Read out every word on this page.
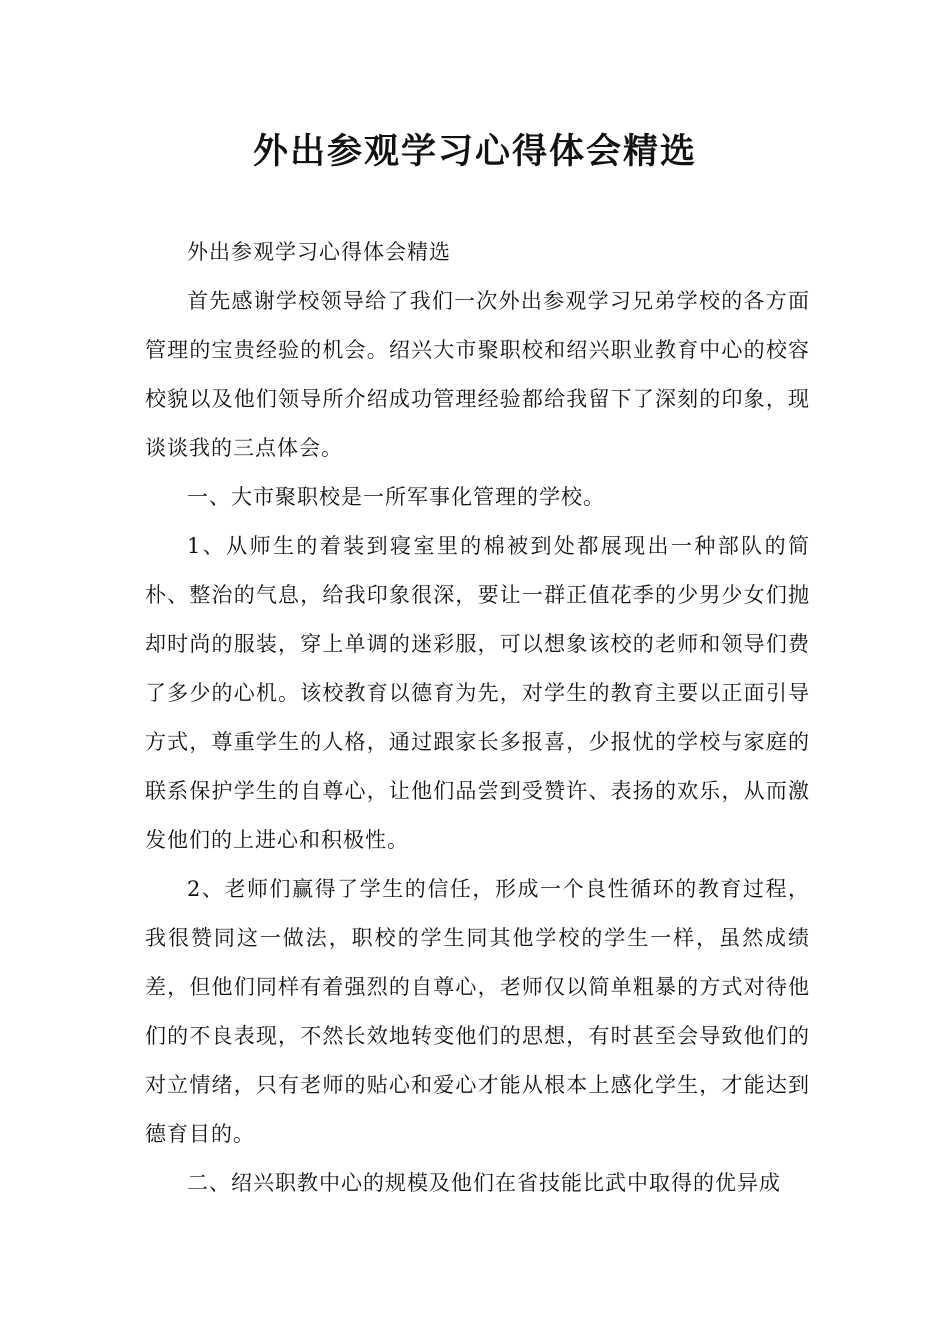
外出参观学习心得体会精选

外出参观学习心得体会精选

首先感谢学校领导给了我们一次外出参观学习兄弟学校的各方面管理的宝贵经验的机会。绍兴大市聚职校和绍兴职业教育中心的校容校貌以及他们领导所介绍成功管理经验都给我留下了深刻的印象，现谈谈我的三点体会。

一、大市聚职校是一所军事化管理的学校。

1、从师生的着装到寝室里的棉被到处都展现出一种部队的简朴、整治的气息，给我印象很深，要让一群正值花季的少男少女们抛却时尚的服装，穿上单调的迷彩服，可以想象该校的老师和领导们费了多少的心机。该校教育以德育为先，对学生的教育主要以正面引导方式，尊重学生的人格，通过跟家长多报喜，少报忧的学校与家庭的联系保护学生的自尊心，让他们品尝到受赞许、表扬的欢乐，从而激发他们的上进心和积极性。

2、老师们赢得了学生的信任，形成一个良性循环的教育过程，我很赞同这一做法，职校的学生同其他学校的学生一样，虽然成绩差，但他们同样有着强烈的自尊心，老师仅以简单粗暴的方式对待他们的不良表现，不然长效地转变他们的思想，有时甚至会导致他们的对立情绪，只有老师的贴心和爱心才能从根本上感化学生，才能达到德育目的。

二、绍兴职教中心的规模及他们在省技能比武中取得的优异成
